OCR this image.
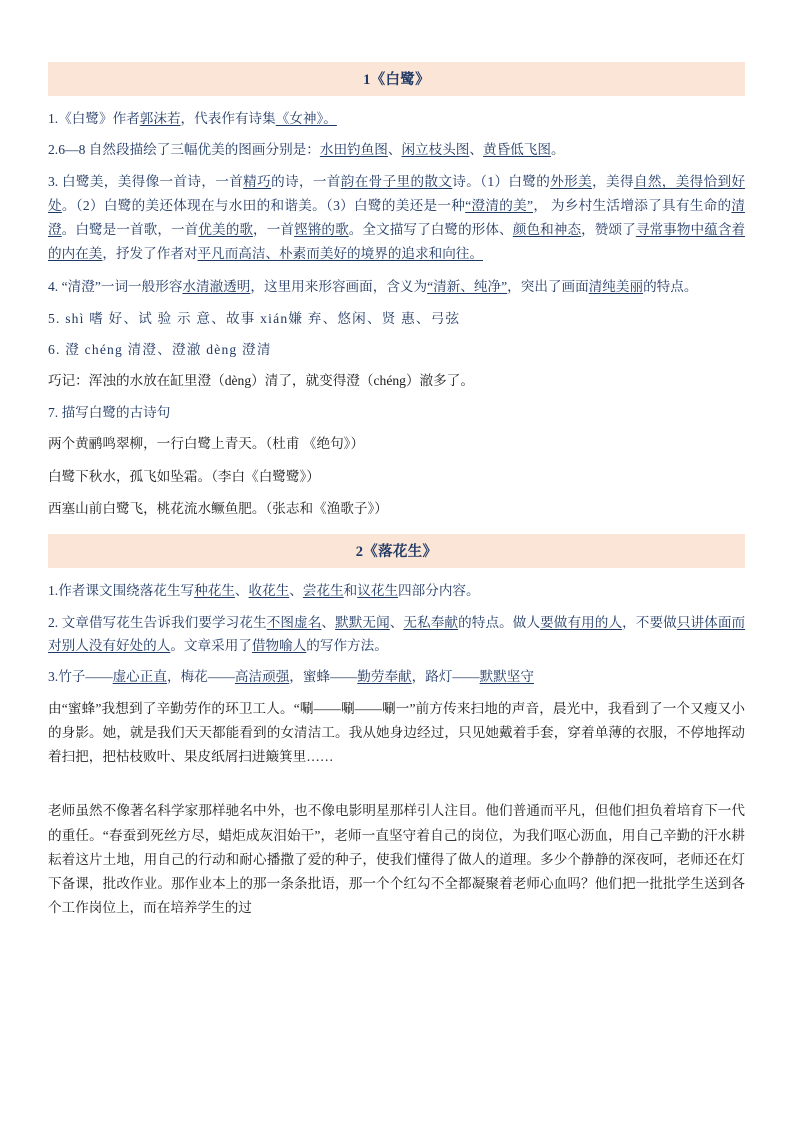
1《白鹭》

1.《白鹭》作者郭沫若，代表作有诗集《女神》。

2.6—8 自然段描绘了三幅优美的图画分别是：水田钓鱼图、闲立枝头图、黄昏低飞图。

3. 白鹭美，美得像一首诗，一首精巧的诗，一首韵在骨子里的散文诗。（1）白鹭的外形美，美得自然，美得恰到好处。（2）白鹭的美还体现在与水田的和谐美。（3）白鹭的美还是一种“澄清的美”， 为乡村生活增添了具有生命的清澄。白鹭是一首歌，一首优美的歌，一首铿锵的歌。全文描写了白鹭的形体、颜色和神态，赞颂了寻常事物中蕴含着的内在美，抒发了作者对平凡而高洁、朴素而美好的境界的追求和向往。

4. “清澄”一词一般形容水清澈透明，这里用来形容画面，含义为“清新、纯净”，突出了画面清纯美丽的特点。

5. shì 嗜 好、试 验 示 意、故事 xián嫌 弃、悠闲、贤 惠、弓弦

6. 澄 chéng 清澄、澄澈 dèng 澄清

巧记：浑浊的水放在缸里澄（dèng）清了，就变得澄（chéng）澈多了。

7. 描写白鹭的古诗句

两个黄鹂鸣翠柳，一行白鹭上青天。（杜甫 《绝句》）

白鹭下秋水，孤飞如坠霜。（李白《白鹭鹭》）

西塞山前白鹭飞，桃花流水鳜鱼肥。（张志和《渔歌子》）

2《落花生》

1.作者课文围绕落花生写种花生、收花生、尝花生和议花生四部分内容。

2. 文章借写花生告诉我们要学习花生不图虚名、默默无闻、无私奉献的特点。做人要做有用的人，不要做只讲体面而对别人没有好处的人。文章采用了借物喻人的写作方法。

3.竹子——虚心正直，梅花——高洁顽强，蜜蜂——勤劳奉献，路灯——默默坚守

由“蜜蜂”我想到了辛勤劳作的环卫工人。“唰——唰——唰一”前方传来扫地的声音，晨光中，我看到了一个又瘦又小的身影。她，就是我们天天都能看到的女清洁工。我从她身边经过，只见她戴着手套，穿着单薄的衣服，不停地挥动着扫把，把枯枝败叶、果皮纸屑扫进簸箕里……

老师虽然不像著名科学家那样驰名中外，也不像电影明星那样引人注目。他们普通而平凡，但他们担负着培育下一代的重任。“春蚕到死丝方尽，蜡炬成灰泪始干”，老师一直坚守着自己的岗位，为我们呕心沥血，用自己辛勤的汗水耕耘着这片土地，用自己的行动和耐心播撒了爱的种子，使我们懂得了做人的道理。多少个静静的深夜呵，老师还在灯下备课，批改作业。那作业本上的那一条条批语，那一个个红勾不全都凝聚着老师心血吗？他们把一批批学生送到各个工作岗位上，而在培养学生的过
